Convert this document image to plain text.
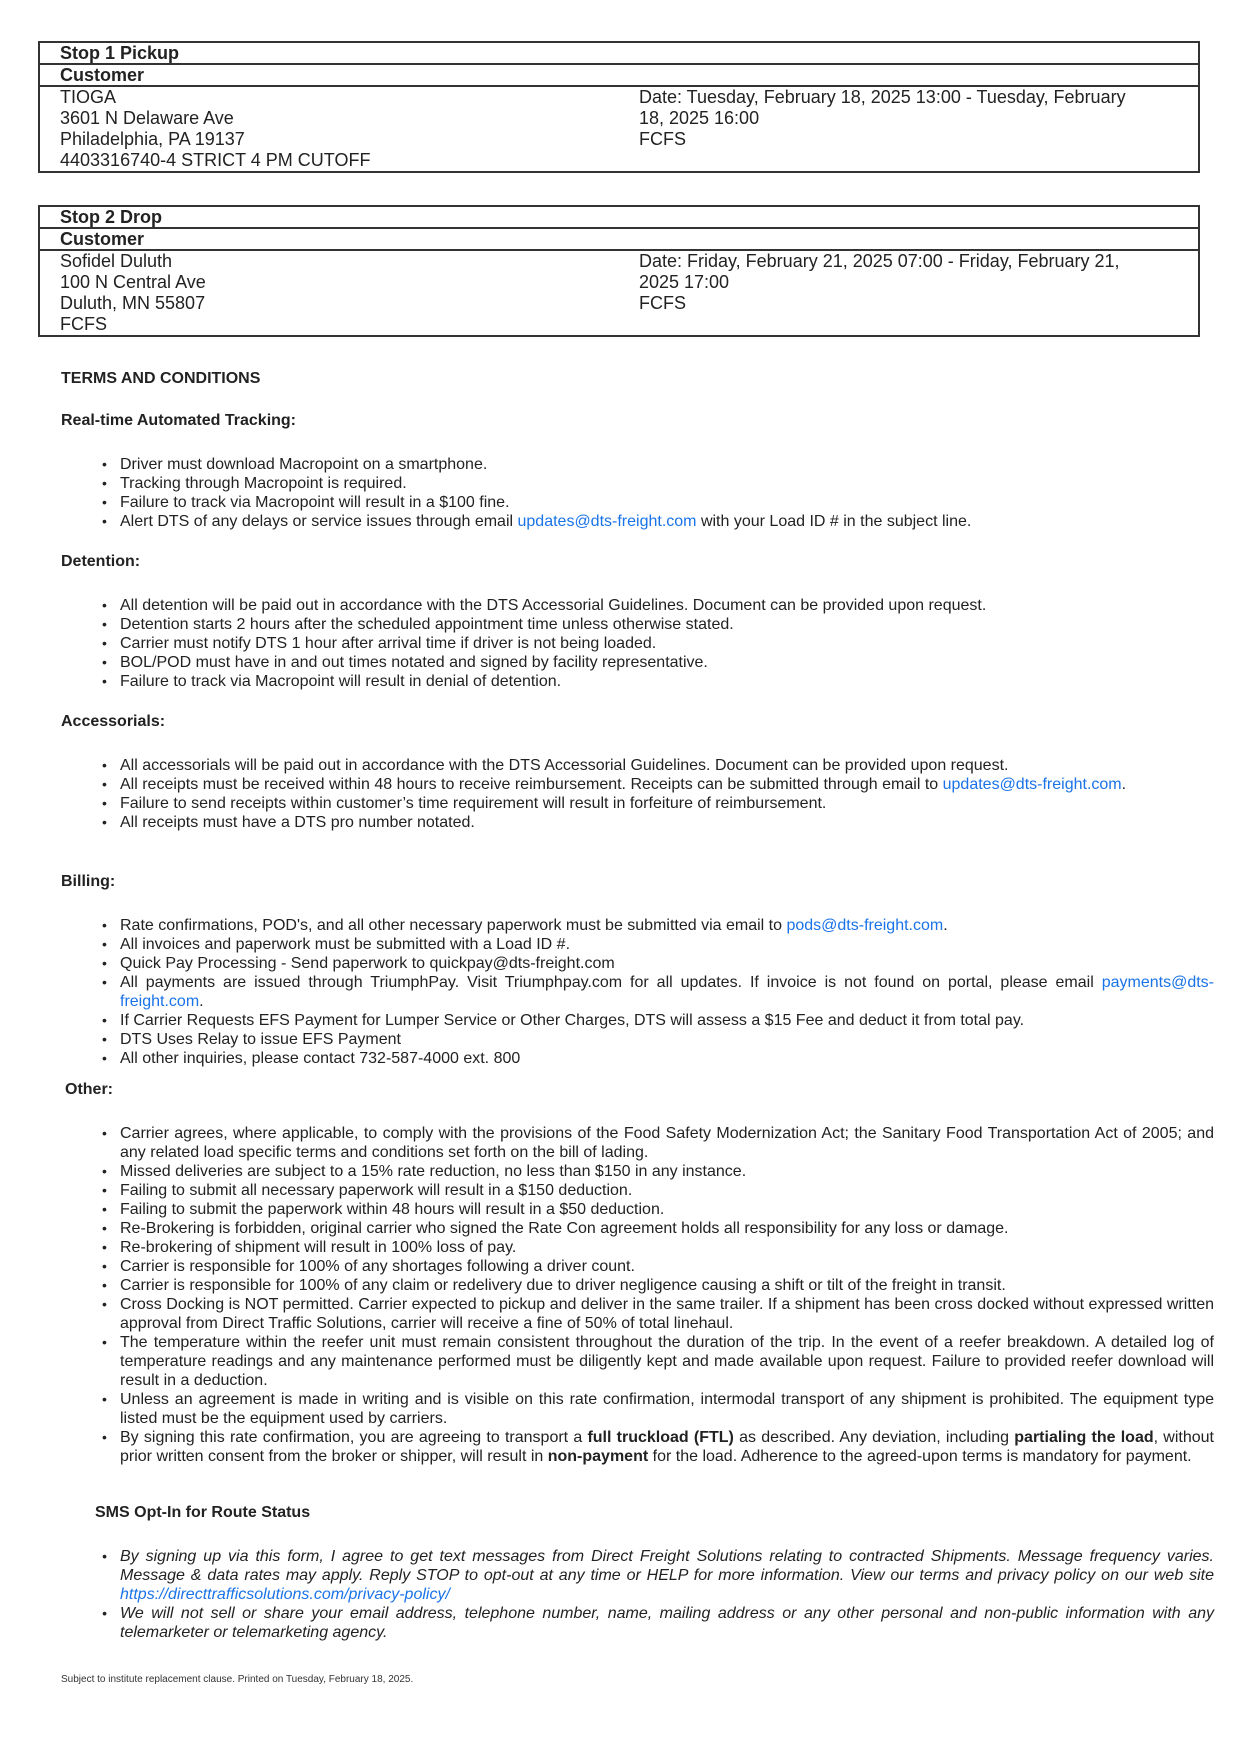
Stop 1 Pickup
Customer
TIOGA
3601 N Delaware Ave
Philadelphia, PA 19137
4403316740-4 STRICT 4 PM CUTOFF
Date: Tuesday, February 18, 2025 13:00 - Tuesday, February
18, 2025 16:00
FCFS
Stop 2 Drop
Customer
Sofidel Duluth
100 N Central Ave
Duluth, MN 55807
FCFS
Date: Friday, February 21, 2025 07:00 - Friday, February 21,
2025 17:00
FCFS
TERMS AND CONDITIONS
Real-time Automated Tracking:
• Driver must download Macropoint on a smartphone.
• Tracking through Macropoint is required.
• Failure to track via Macropoint will result in a $100 fine.
• Alert DTS of any delays or service issues through email updates@dts-freight.com with your Load ID # in the subject line.
Detention:
• All detention will be paid out in accordance with the DTS Accessorial Guidelines. Document can be provided upon request.
• Detention starts 2 hours after the scheduled appointment time unless otherwise stated.
• Carrier must notify DTS 1 hour after arrival time if driver is not being loaded.
• BOL/POD must have in and out times notated and signed by facility representative.
• Failure to track via Macropoint will result in denial of detention.
Accessorials:
• All accessorials will be paid out in accordance with the DTS Accessorial Guidelines. Document can be provided upon request.
• All receipts must be received within 48 hours to receive reimbursement. Receipts can be submitted through email to updates@dts-freight.com.
• Failure to send receipts within customer’s time requirement will result in forfeiture of reimbursement.
• All receipts must have a DTS pro number notated.
Billing:
• Rate confirmations, POD's, and all other necessary paperwork must be submitted via email to pods@dts-freight.com.
• All invoices and paperwork must be submitted with a Load ID #.
• Quick Pay Processing - Send paperwork to quickpay@dts-freight.com
• All payments are issued through TriumphPay. Visit Triumphpay.com for all updates. If invoice is not found on portal, please email payments@dts-freight.com.
• If Carrier Requests EFS Payment for Lumper Service or Other Charges, DTS will assess a $15 Fee and deduct it from total pay.
• DTS Uses Relay to issue EFS Payment
• All other inquiries, please contact 732-587-4000 ext. 800
Other:
• Carrier agrees, where applicable, to comply with the provisions of the Food Safety Modernization Act; the Sanitary Food Transportation Act of 2005; and any related load specific terms and conditions set forth on the bill of lading.
• Missed deliveries are subject to a 15% rate reduction, no less than $150 in any instance.
• Failing to submit all necessary paperwork will result in a $150 deduction.
• Failing to submit the paperwork within 48 hours will result in a $50 deduction.
• Re-Brokering is forbidden, original carrier who signed the Rate Con agreement holds all responsibility for any loss or damage.
• Re-brokering of shipment will result in 100% loss of pay.
• Carrier is responsible for 100% of any shortages following a driver count.
• Carrier is responsible for 100% of any claim or redelivery due to driver negligence causing a shift or tilt of the freight in transit.
• Cross Docking is NOT permitted. Carrier expected to pickup and deliver in the same trailer. If a shipment has been cross docked without expressed written approval from Direct Traffic Solutions, carrier will receive a fine of 50% of total linehaul.
• The temperature within the reefer unit must remain consistent throughout the duration of the trip. In the event of a reefer breakdown. A detailed log of temperature readings and any maintenance performed must be diligently kept and made available upon request. Failure to provided reefer download will result in a deduction.
• Unless an agreement is made in writing and is visible on this rate confirmation, intermodal transport of any shipment is prohibited. The equipment type listed must be the equipment used by carriers.
• By signing this rate confirmation, you are agreeing to transport a full truckload (FTL) as described. Any deviation, including partialing the load, without prior written consent from the broker or shipper, will result in non-payment for the load. Adherence to the agreed-upon terms is mandatory for payment.
SMS Opt-In for Route Status
• By signing up via this form, I agree to get text messages from Direct Freight Solutions relating to contracted Shipments. Message frequency varies. Message & data rates may apply. Reply STOP to opt-out at any time or HELP for more information. View our terms and privacy policy on our web site https://directtrafficsolutions.com/privacy-policy/
• We will not sell or share your email address, telephone number, name, mailing address or any other personal and non-public information with any telemarketer or telemarketing agency.
Subject to institute replacement clause. Printed on Tuesday, February 18, 2025.
